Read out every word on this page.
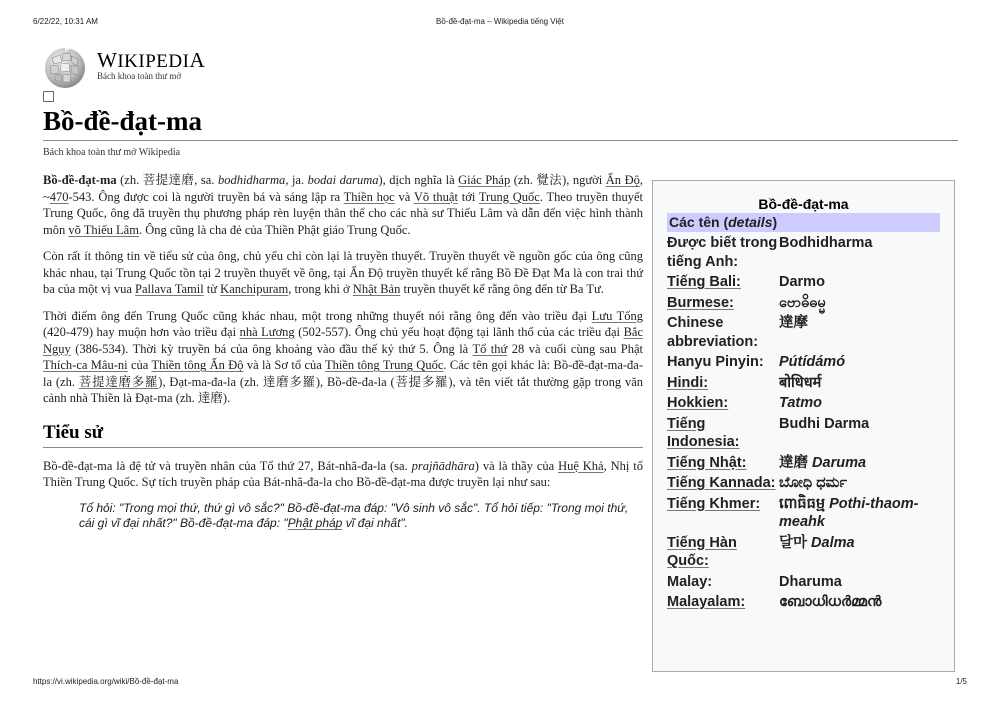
6/22/22, 10:31 AM	Bồ-đề-đạt-ma – Wikipedia tiếng Việt
WIKIPEDIA
Bách khoa toàn thư mở
Bồ-đề-đạt-ma
Bách khoa toàn thư mở Wikipedia

Bồ-đề-đạt-ma (zh. 菩提達磨, sa. bodhidharma, ja. bodai daruma), dịch nghĩa là Giác Pháp (zh. 覺法), người Ấn Độ, ~470-543. Ông được coi là người truyền bá và sáng lập ra Thiền học và Võ thuật tới Trung Quốc. Theo truyền thuyết Trung Quốc, ông đã truyền thụ phương pháp rèn luyện thân thể cho các nhà sư Thiếu Lâm và dẫn đến việc hình thành môn võ Thiếu Lâm. Ông cũng là cha đẻ của Thiền Phật giáo Trung Quốc.

Còn rất ít thông tin về tiểu sử của ông, chủ yếu chỉ còn lại là truyền thuyết. Truyền thuyết về nguồn gốc của ông cũng khác nhau, tại Trung Quốc tồn tại 2 truyền thuyết về ông, tại Ấn Độ truyền thuyết kể rằng Bồ Đề Đạt Ma là con trai thứ ba của một vị vua Pallava Tamil từ Kanchipuram, trong khi ở Nhật Bản truyền thuyết kể rằng ông đến từ Ba Tư.

Thời điểm ông đến Trung Quốc cũng khác nhau, một trong những thuyết nói rằng ông đến vào triều đại Lưu Tống (420-479) hay muộn hơn vào triều đại nhà Lương (502-557). Ông chủ yếu hoạt động tại lãnh thổ của các triều đại Bắc Ngụy (386-534). Thời kỳ truyền bá của ông khoảng vào đầu thế kỷ thứ 5. Ông là Tổ thứ 28 và cuối cùng sau Phật Thích-ca Mâu-ni của Thiền tông Ấn Độ và là Sơ tổ của Thiền tông Trung Quốc. Các tên gọi khác là: Bồ-đề-đạt-ma-đa-la (zh. 菩提達磨多羅), Đạt-ma-đa-la (zh. 達磨多羅), Bồ-đề-đa-la (菩提多羅), và tên viết tắt thường gặp trong văn cảnh nhà Thiền là Đạt-ma (zh. 達磨).

Tiểu sử

Bồ-đề-đạt-ma là đệ tử và truyền nhân của Tổ thứ 27, Bát-nhã-đa-la (sa. prajñādhāra) và là thầy của Huệ Khả, Nhị tổ Thiền Trung Quốc. Sự tích truyền pháp của Bát-nhã-đa-la cho Bồ-đề-đạt-ma được truyền lại như sau:

Tổ hỏi: "Trong mọi thứ, thứ gì vô sắc?" Bồ-đề-đạt-ma đáp: "Vô sinh vô sắc". Tổ hỏi tiếp: "Trong mọi thứ, cái gì vĩ đại nhất?" Bồ-đề-đạt-ma đáp: "Phật pháp vĩ đại nhất".
Bồ-đề-đạt-ma
Các tên (details)
Được biết trong tiếng Anh:	Bodhidharma
Tiếng Bali:	Darmo
Burmese:	ဗောဓိဓမ္မ
Chinese abbreviation:	達摩
Hanyu Pinyin:	Pútídámó
Hindi:	बोधिधर्म
Hokkien:	Tatmo
Tiếng Indonesia:	Budhi Darma
Tiếng Nhật:	達磨 Daruma
Tiếng Kannada:	ಬೋಧಿ ಧರ್ಮ
Tiếng Khmer:	ពោធិធម្ម Pothi-thaom-meahk
Tiếng Hàn Quốc:	달마 Dalma
Malay:	Dharuma
Malayalam:	ബോധിധർമ്മൻ
https://vi.wikipedia.org/wiki/Bồ-đề-đạt-ma	1/5
